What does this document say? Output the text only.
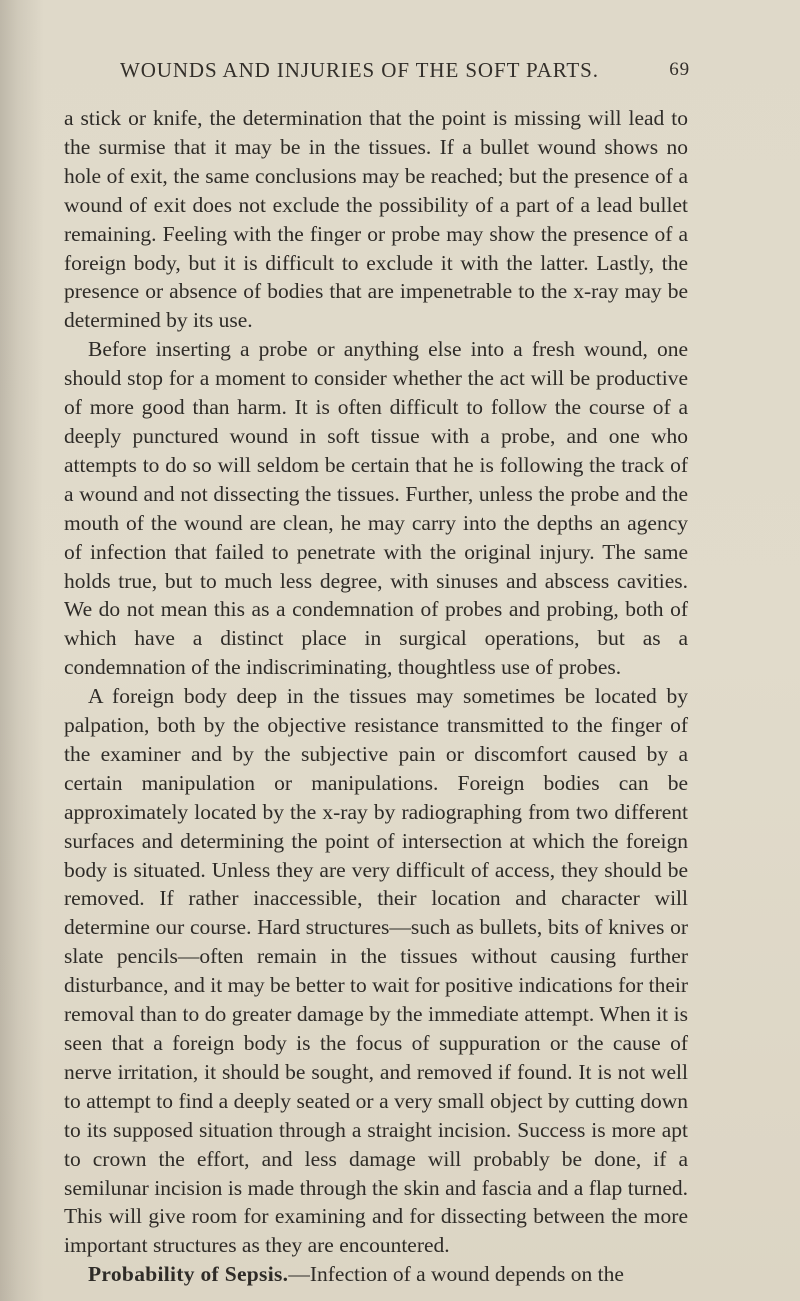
WOUNDS AND INJURIES OF THE SOFT PARTS.	69

a stick or knife, the determination that the point is missing will lead to the surmise that it may be in the tissues. If a bullet wound shows no hole of exit, the same conclusions may be reached; but the presence of a wound of exit does not exclude the possibility of a part of a lead bullet remaining. Feeling with the finger or probe may show the presence of a foreign body, but it is difficult to exclude it with the latter. Lastly, the presence or absence of bodies that are impenetrable to the x-ray may be determined by its use.

Before inserting a probe or anything else into a fresh wound, one should stop for a moment to consider whether the act will be productive of more good than harm. It is often difficult to follow the course of a deeply punctured wound in soft tissue with a probe, and one who attempts to do so will seldom be certain that he is following the track of a wound and not dissecting the tissues. Further, unless the probe and the mouth of the wound are clean, he may carry into the depths an agency of infection that failed to penetrate with the original injury. The same holds true, but to much less degree, with sinuses and abscess cavities. We do not mean this as a condemnation of probes and probing, both of which have a distinct place in surgical operations, but as a condemnation of the indiscriminating, thoughtless use of probes.

A foreign body deep in the tissues may sometimes be located by palpation, both by the objective resistance transmitted to the finger of the examiner and by the subjective pain or discomfort caused by a certain manipulation or manipulations. Foreign bodies can be approximately located by the x-ray by radiographing from two different surfaces and determining the point of intersection at which the foreign body is situated. Unless they are very difficult of access, they should be removed. If rather inaccessible, their location and character will determine our course. Hard structures—such as bullets, bits of knives or slate pencils—often remain in the tissues without causing further disturbance, and it may be better to wait for positive indications for their removal than to do greater damage by the immediate attempt. When it is seen that a foreign body is the focus of suppuration or the cause of nerve irritation, it should be sought, and removed if found. It is not well to attempt to find a deeply seated or a very small object by cutting down to its supposed situation through a straight incision. Success is more apt to crown the effort, and less damage will probably be done, if a semilunar incision is made through the skin and fascia and a flap turned. This will give room for examining and for dissecting between the more important structures as they are encountered.

Probability of Sepsis.—Infection of a wound depends on the
